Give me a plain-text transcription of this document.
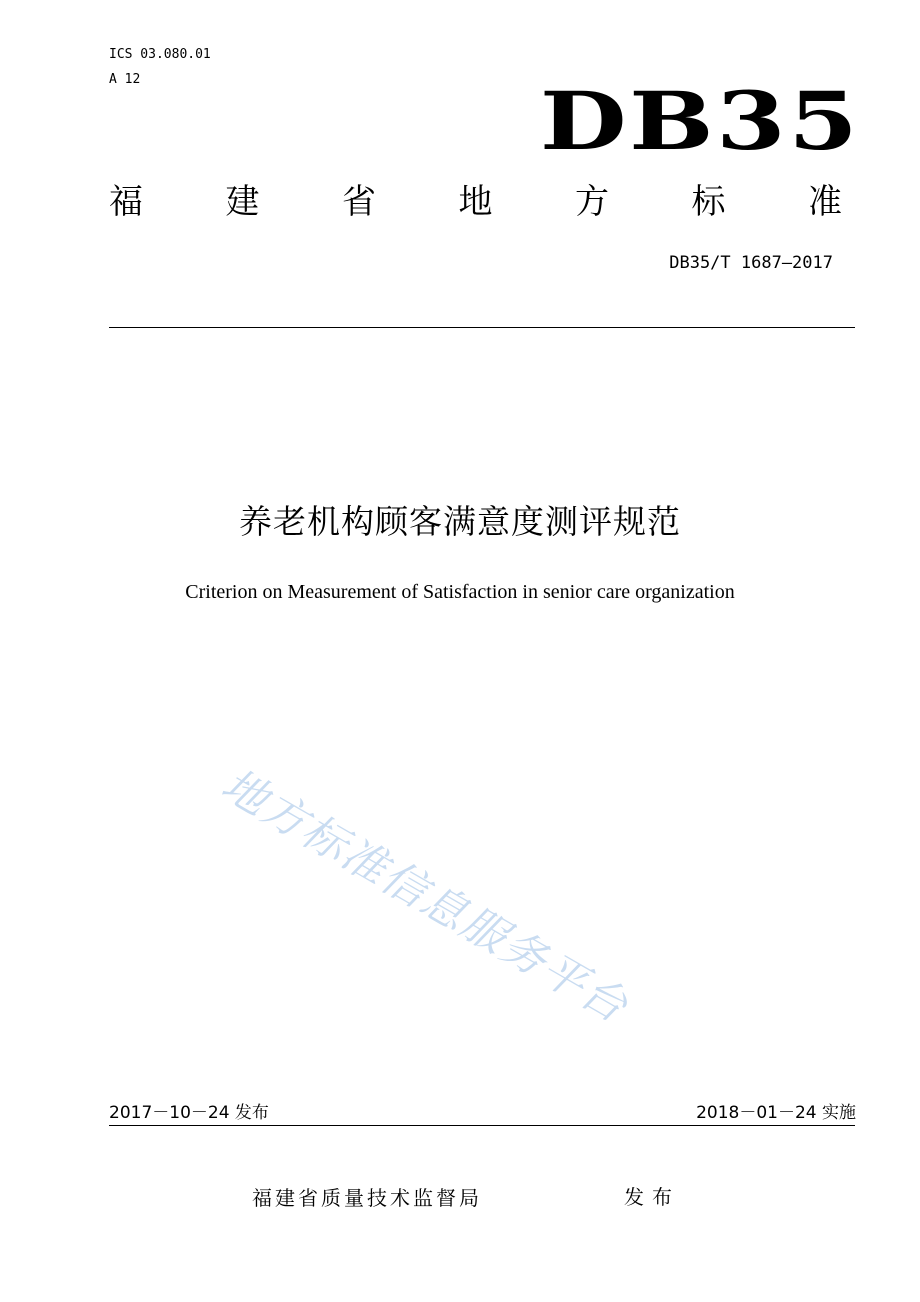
ICS 03.080.01
A 12	DB35
福 建 省 地 方 标 准
DB35/T 1687—2017
养老机构顾客满意度测评规范
Criterion on Measurement of Satisfaction in senior care organization
地方标准信息服务平台
2017－10－24 发布	2018－01－24 实施
福建省质量技术监督局	发布
